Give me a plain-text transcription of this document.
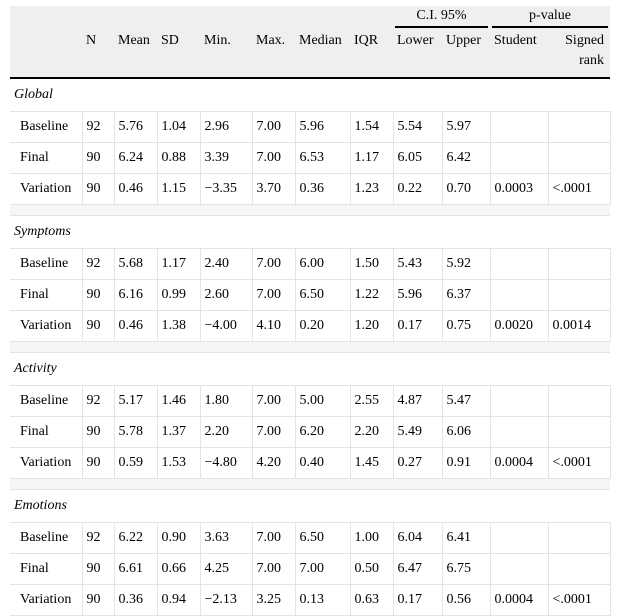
								C.I. 95%		p-value	

	N	Mean	SD	Min.	Max.	Median	IQR	Lower	Upper	Student	Signed rank
Global											
Baseline	92	5.76	1.04	2.96	7.00	5.96	1.54	5.54	5.97		
Final	90	6.24	0.88	3.39	7.00	6.53	1.17	6.05	6.42		
Variation	90	0.46	1.15	−3.35	3.70	0.36	1.23	0.22	0.70	0.0003	<.0001

Symptoms											
Baseline	92	5.68	1.17	2.40	7.00	6.00	1.50	5.43	5.92		
Final	90	6.16	0.99	2.60	7.00	6.50	1.22	5.96	6.37		
Variation	90	0.46	1.38	−4.00	4.10	0.20	1.20	0.17	0.75	0.0020	0.0014

Activity											
Baseline	92	5.17	1.46	1.80	7.00	5.00	2.55	4.87	5.47		
Final	90	5.78	1.37	2.20	7.00	6.20	2.20	5.49	6.06		
Variation	90	0.59	1.53	−4.80	4.20	0.40	1.45	0.27	0.91	0.0004	<.0001

Emotions											
Baseline	92	6.22	0.90	3.63	7.00	6.50	1.00	6.04	6.41		
Final	90	6.61	0.66	4.25	7.00	7.00	0.50	6.47	6.75		
Variation	90	0.36	0.94	−2.13	3.25	0.13	0.63	0.17	0.56	0.0004	<.0001
